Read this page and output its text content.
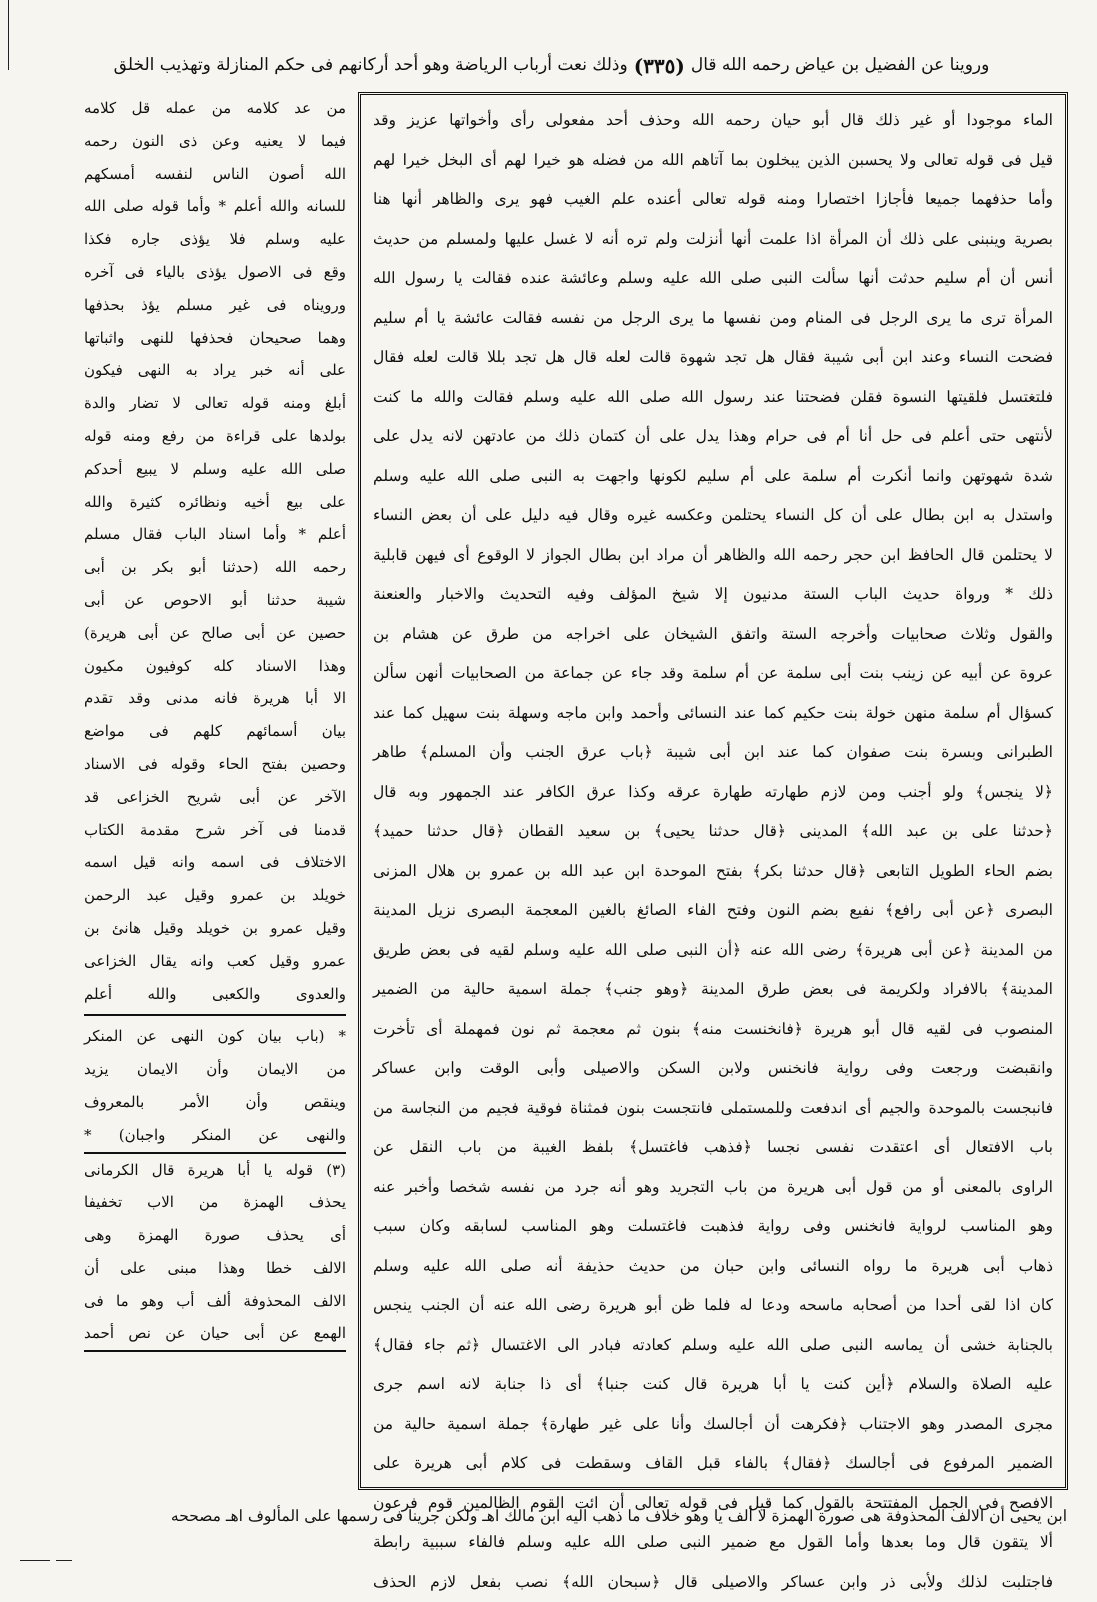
وروينا عن الفضيل بن عياض رحمه الله قال
(٣٣٥)
وذلك نعت أرباب الرياضة وهو أحد أركانهم فى حكم المنازلة وتهذيب الخلق
الماء موجودا أو غير ذلك قال أبو حيان رحمه الله وحذف أحد مفعولى رأى وأخواتها عزيز وقد
قيل فى قوله تعالى ولا يحسبن الذين يبخلون بما آتاهم الله من فضله هو خيرا لهم أى البخل خيرا لهم
وأما حذفهما جميعا فأجازا اختصارا ومنه قوله تعالى أعنده علم الغيب فهو يرى والظاهر أنها هنا
بصرية وينبنى على ذلك أن المرأة اذا علمت أنها أنزلت ولم تره أنه لا غسل عليها ولمسلم من حديث
أنس أن أم سليم حدثت أنها سألت النبى صلى الله عليه وسلم وعائشة عنده فقالت يا رسول الله
المرأة ترى ما يرى الرجل فى المنام ومن نفسها ما يرى الرجل من نفسه فقالت عائشة يا أم سليم
فضحت النساء وعند ابن أبى شيبة فقال هل تجد شهوة قالت لعله قال هل تجد بللا قالت لعله فقال
فلتغتسل فلقيتها النسوة فقلن فضحتنا عند رسول الله صلى الله عليه وسلم فقالت والله ما كنت
لأنتهى حتى أعلم فى حل أنا أم فى حرام وهذا يدل على أن كتمان ذلك من عادتهن لانه يدل على
شدة شهوتهن وانما أنكرت أم سلمة على أم سليم لكونها واجهت به النبى صلى الله عليه وسلم
واستدل به ابن بطال على أن كل النساء يحتلمن وعكسه غيره وقال فيه دليل على أن بعض النساء
لا يحتلمن قال الحافظ ابن حجر رحمه الله والظاهر أن مراد ابن بطال الجواز لا الوقوع أى فيهن قابلية
ذلك * ورواة حديث الباب الستة مدنيون إلا شيخ المؤلف وفيه التحديث والاخبار والعنعنة
والقول وثلاث صحابيات وأخرجه الستة واتفق الشيخان على اخراجه من طرق عن هشام بن
عروة عن أبيه عن زينب بنت أبى سلمة عن أم سلمة وقد جاء عن جماعة من الصحابيات أنهن سألن
كسؤال أم سلمة منهن خولة بنت حكيم كما عند النسائى وأحمد وابن ماجه وسهلة بنت سهيل كما عند
الطبرانى وبسرة بنت صفوان كما عند ابن أبى شيبة ﴿باب عرق الجنب وأن المسلم﴾ طاهر
﴿لا ينجس﴾ ولو أجنب ومن لازم طهارته طهارة عرقه وكذا عرق الكافر عند الجمهور وبه قال
﴿حدثنا على بن عبد الله﴾ المدينى ﴿قال حدثنا يحيى﴾ بن سعيد القطان ﴿قال حدثنا حميد﴾
بضم الحاء الطويل التابعى ﴿قال حدثنا بكر﴾ بفتح الموحدة ابن عبد الله بن عمرو بن هلال المزنى
البصرى ﴿عن أبى رافع﴾ نفيع بضم النون وفتح الفاء الصائغ بالغين المعجمة البصرى نزيل المدينة
من المدينة ﴿عن أبى هريرة﴾ رضى الله عنه ﴿أن النبى صلى الله عليه وسلم لقيه فى بعض طريق
المدينة﴾ بالافراد ولكريمة فى بعض طرق المدينة ﴿وهو جنب﴾ جملة اسمية حالية من الضمير
المنصوب فى لقيه قال أبو هريرة ﴿فانخنست منه﴾ بنون ثم معجمة ثم نون فمهملة أى تأخرت
وانقبضت ورجعت وفى رواية فانخنس ولابن السكن والاصيلى وأبى الوقت وابن عساكر
فانبجست بالموحدة والجيم أى اندفعت وللمستملى فانتجست بنون فمثناة فوقية فجيم من النجاسة من
باب الافتعال أى اعتقدت نفسى نجسا ﴿فذهب فاغتسل﴾ بلفظ الغيبة من باب النقل عن
الراوى بالمعنى أو من قول أبى هريرة من باب التجريد وهو أنه جرد من نفسه شخصا وأخبر عنه
وهو المناسب لرواية فانخنس وفى رواية فذهبت فاغتسلت وهو المناسب لسابقه وكان سبب
ذهاب أبى هريرة ما رواه النسائى وابن حبان من حديث حذيفة أنه صلى الله عليه وسلم
كان اذا لقى أحدا من أصحابه ماسحه ودعا له فلما ظن أبو هريرة رضى الله عنه أن الجنب ينجس
بالجنابة خشى أن يماسه النبى صلى الله عليه وسلم كعادته فبادر الى الاغتسال ﴿ثم جاء فقال﴾
عليه الصلاة والسلام ﴿أين كنت يا أبا هريرة قال كنت جنبا﴾ أى ذا جنابة لانه اسم جرى
مجرى المصدر وهو الاجتناب ﴿فكرهت أن أجالسك وأنا على غير طهارة﴾ جملة اسمية حالية من
الضمير المرفوع فى أجالسك ﴿فقال﴾ بالفاء قبل القاف وسقطت فى كلام أبى هريرة على
الافصح فى الجمل المفتتحة بالقول كما قيل فى قوله تعالى أن ائت القوم الظالمين قوم فرعون
ألا يتقون قال وما بعدها وأما القول مع ضمير النبى صلى الله عليه وسلم فالفاء سببية رابطة
فاجتلبت لذلك ولأبى ذر وابن عساكر والاصيلى قال ﴿سبحان الله﴾ نصب بفعل لازم الحذف
من عد كلامه من عمله قل كلامه
فيما لا يعنيه وعن ذى النون رحمه
الله أصون الناس لنفسه أمسكهم
للسانه والله أعلم * وأما قوله صلى الله
عليه وسلم فلا يؤذى جاره فكذا
وقع فى الاصول يؤذى بالياء فى آخره
ورويناه فى غير مسلم يؤذ بحذفها
وهما صحيحان فحذفها للنهى واثباتها
على أنه خبر يراد به النهى فيكون
أبلغ ومنه قوله تعالى لا تضار والدة
بولدها على قراءة من رفع ومنه قوله
صلى الله عليه وسلم لا يبيع أحدكم
على بيع أخيه ونظائره كثيرة والله
أعلم * وأما اسناد الباب فقال مسلم
رحمه الله (حدثنا أبو بكر بن أبى
شيبة حدثنا أبو الاحوص عن أبى
حصين عن أبى صالح عن أبى هريرة)
وهذا الاسناد كله كوفيون مكيون
الا أبا هريرة فانه مدنى وقد تقدم
بيان أسمائهم كلهم فى مواضع
وحصين بفتح الحاء وقوله فى الاسناد
الآخر عن أبى شريح الخزاعى قد
قدمنا فى آخر شرح مقدمة الكتاب
الاختلاف فى اسمه وانه قيل اسمه
خويلد بن عمرو وقيل عبد الرحمن
وقيل عمرو بن خويلد وقيل هانئ بن
عمرو وقيل كعب وانه يقال الخزاعى
والعدوى والكعبى والله أعلم
* (باب بيان كون النهى عن المنكر
من الايمان وأن الايمان يزيد
وينقص وأن الأمر بالمعروف
والنهى عن المنكر واجبان) *
(٣) قوله يا أبا هريرة قال الكرمانى
يحذف الهمزة من الاب تخفيفا
أى يحذف صورة الهمزة وهى
الالف خطا وهذا مبنى على أن
الالف المحذوفة ألف أب وهو ما فى
الهمع عن أبى حيان عن نص أحمد
ابن يحيى أن الالف المحذوفة هى صورة الهمزة لا ألف يا وهو خلاف ما ذهب اليه ابن مالك اهـ ولكن جرينا فى رسمها على المألوف اهـ مصححه
